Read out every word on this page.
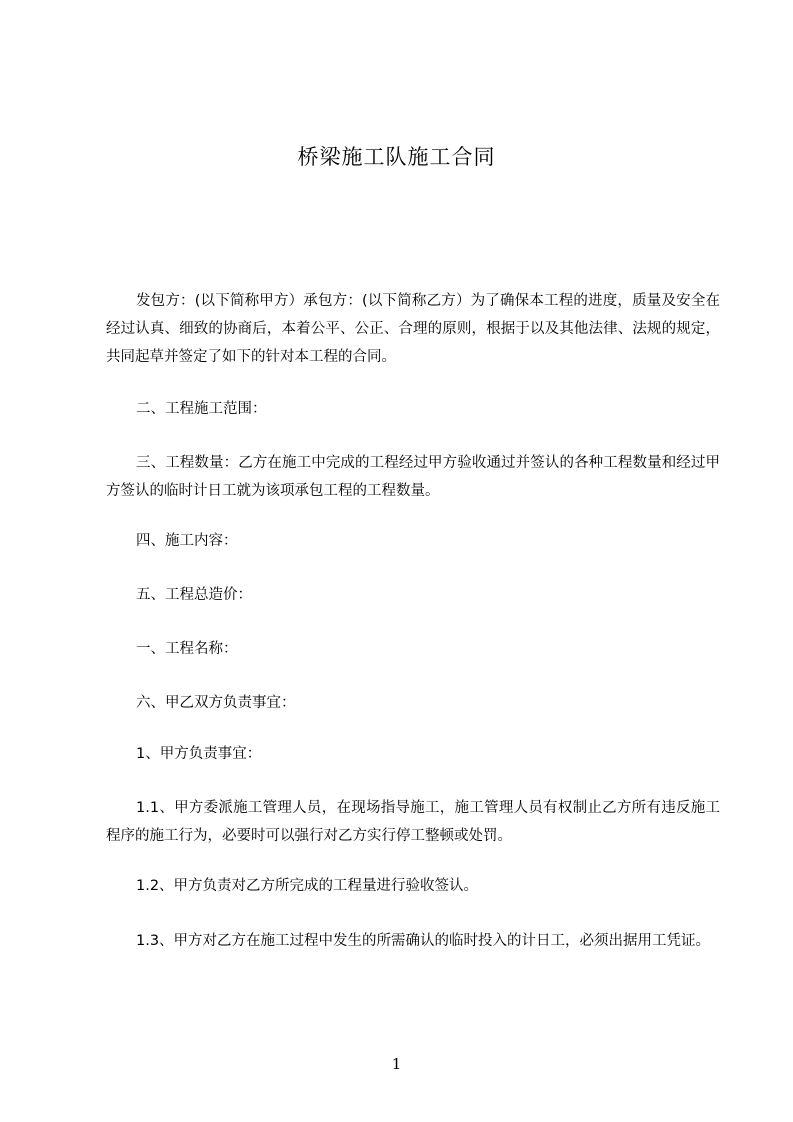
桥梁施工队施工合同

发包方：(以下简称甲方）承包方：(以下简称乙方）为了确保本工程的进度，质量及安全在经过认真、细致的协商后，本着公平、公正、合理的原则，根据于以及其他法律、法规的规定，共同起草并签定了如下的针对本工程的合同。

二、工程施工范围：

三、工程数量：乙方在施工中完成的工程经过甲方验收通过并签认的各种工程数量和经过甲方签认的临时计日工就为该项承包工程的工程数量。

四、施工内容：

五、工程总造价：

一、工程名称：

六、甲乙双方负责事宜：

1、甲方负责事宜：

1.1、甲方委派施工管理人员，在现场指导施工，施工管理人员有权制止乙方所有违反施工程序的施工行为，必要时可以强行对乙方实行停工整顿或处罚。

1.2、甲方负责对乙方所完成的工程量进行验收签认。

1.3、甲方对乙方在施工过程中发生的所需确认的临时投入的计日工，必须出据用工凭证。

1
